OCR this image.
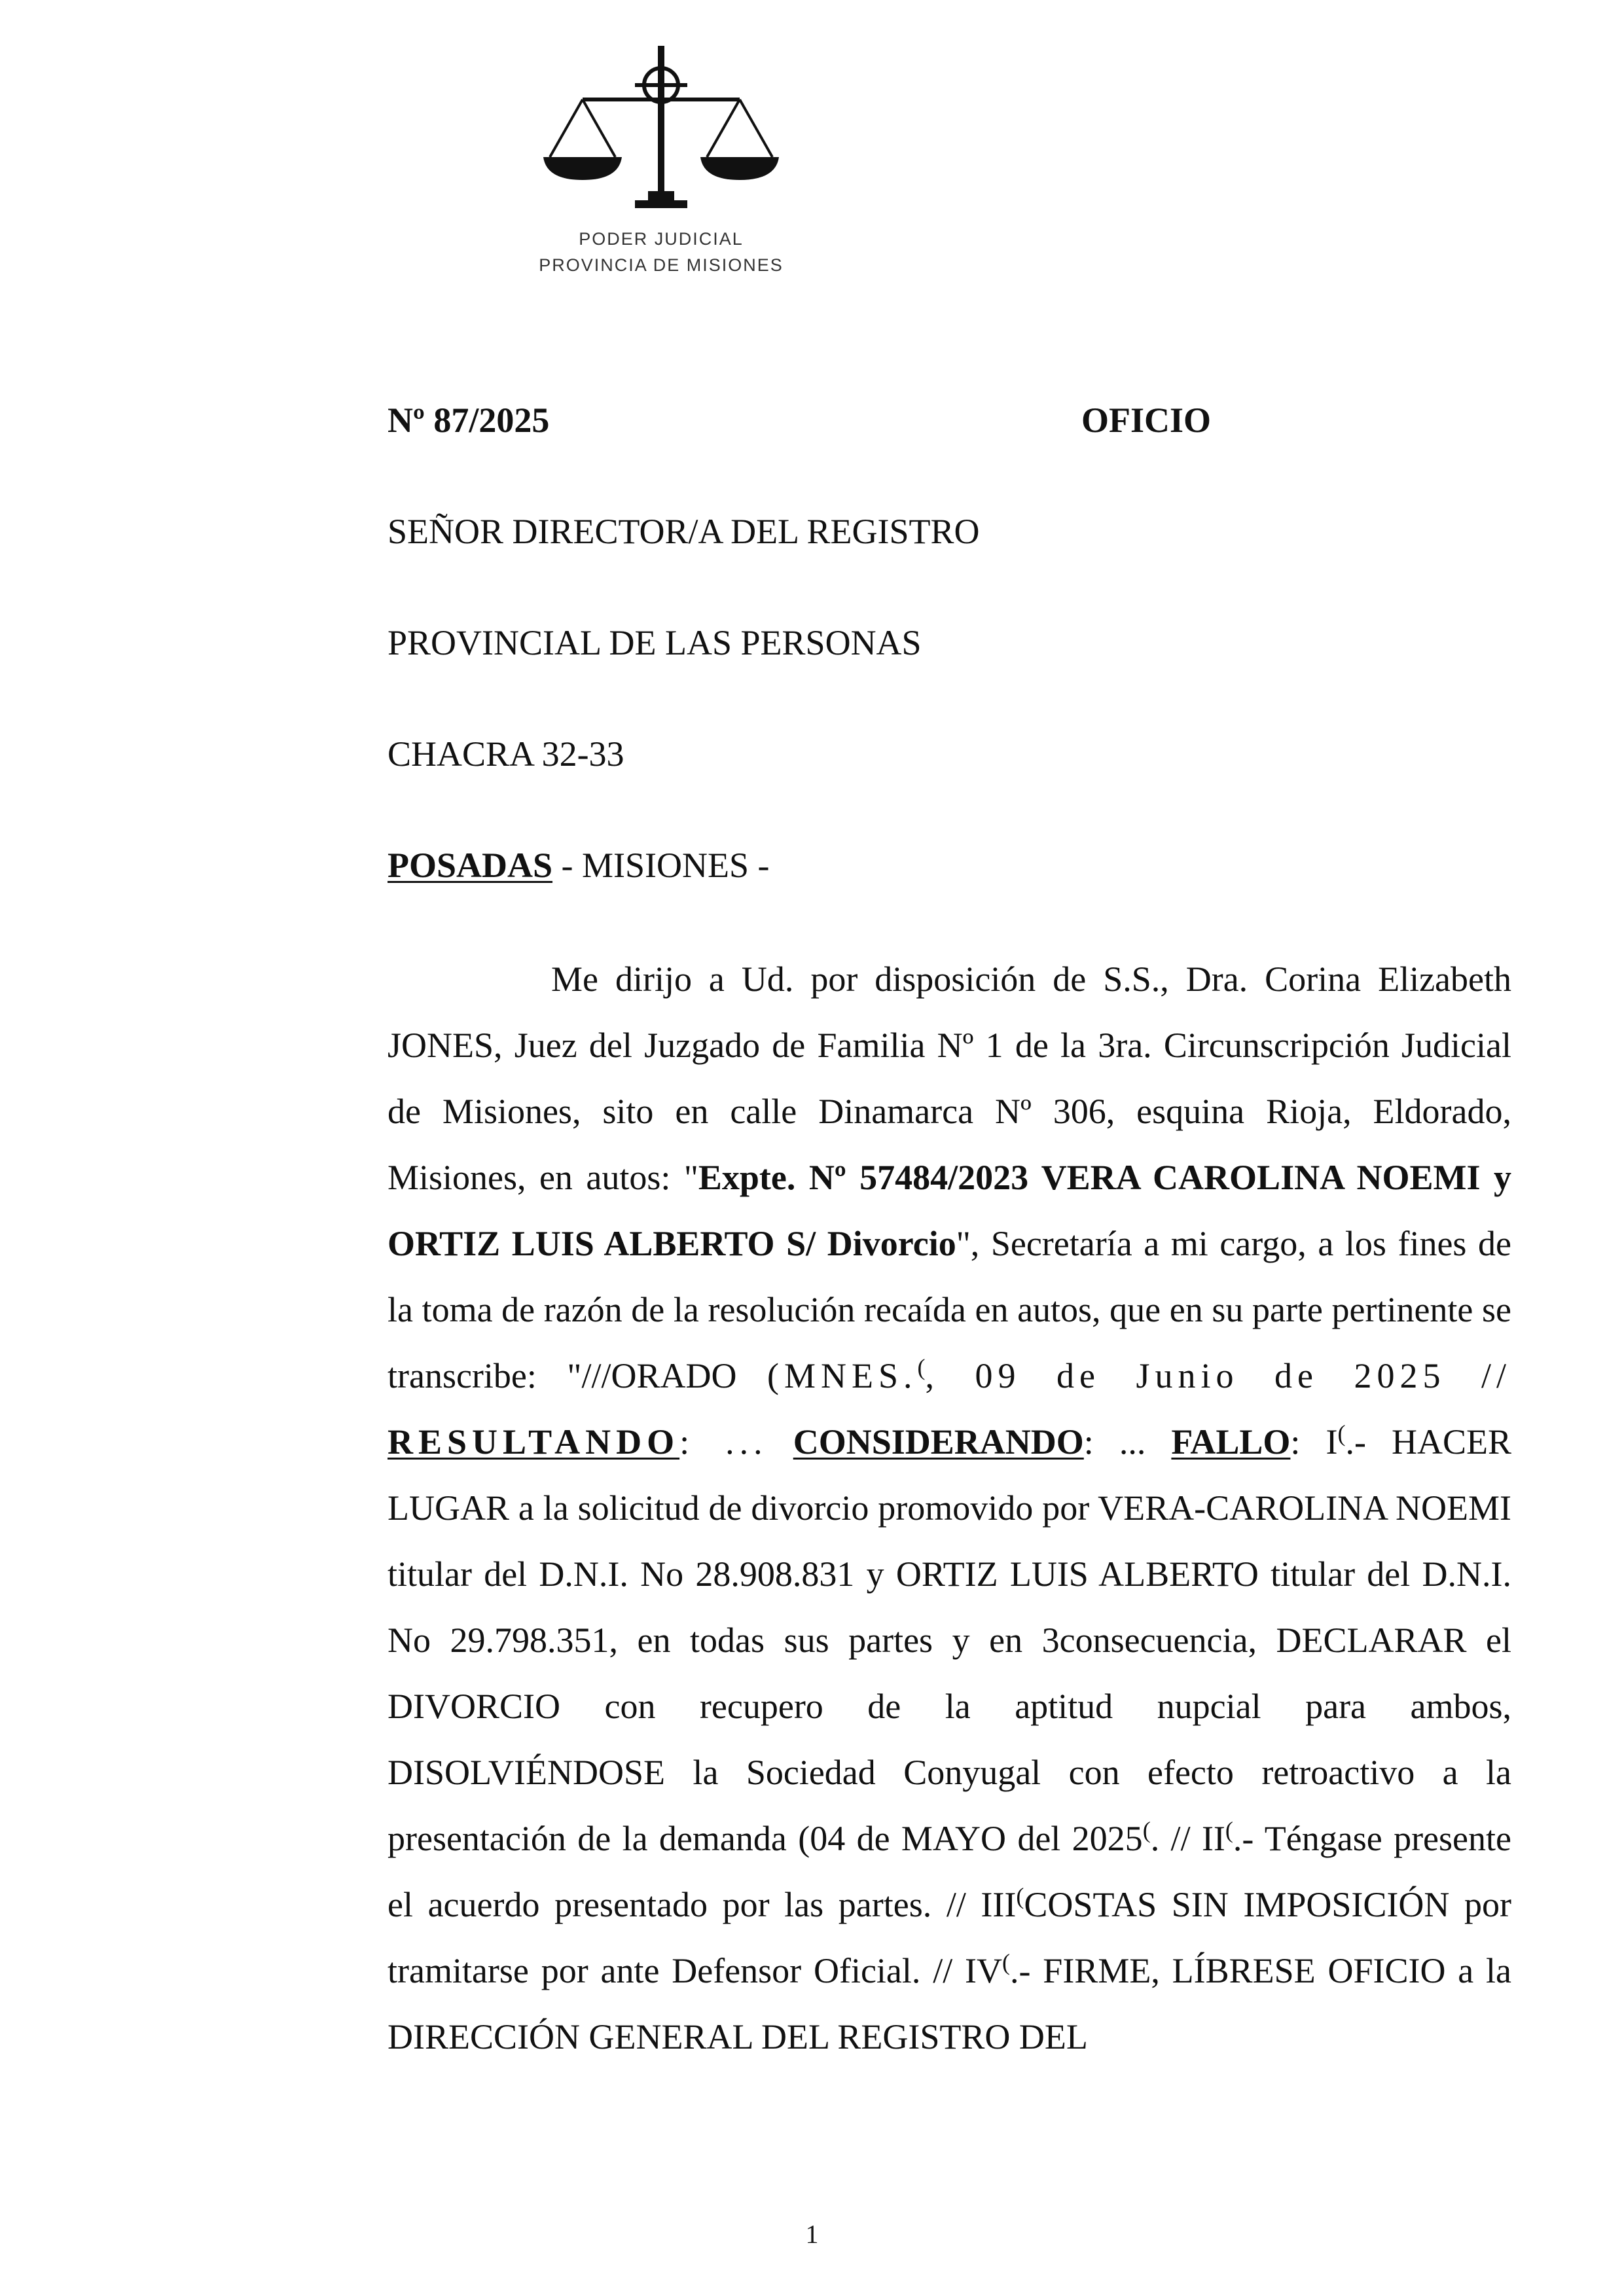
PODER JUDICIAL
PROVINCIA DE MISIONES
Nº 87/2025	OFICIO
SEÑOR DIRECTOR/A DEL REGISTRO
PROVINCIAL DE LAS PERSONAS
CHACRA 32-33
POSADAS - MISIONES -

Me dirijo a Ud. por disposición de S.S., Dra. Corina Elizabeth JONES, Juez del Juzgado de Familia Nº 1 de la 3ra. Circunscripción Judicial de Misiones, sito en calle Dinamarca Nº 306, esquina Rioja, Eldorado, Misiones, en autos: "Expte. Nº 57484/2023 VERA CAROLINA NOEMI y ORTIZ LUIS ALBERTO S/ Divorcio", Secretaría a mi cargo, a los fines de la toma de razón de la resolución recaída en autos, que en su parte pertinente se transcribe: "///ORADO (MNES.(, 09 de Junio de 2025 // RESULTANDO: ... CONSIDERANDO: ... FALLO: I(.- HACER LUGAR a la solicitud de divorcio promovido por VERA-CAROLINA NOEMI titular del D.N.I. No 28.908.831 y ORTIZ LUIS ALBERTO titular del D.N.I. No 29.798.351, en todas sus partes y en 3consecuencia, DECLARAR el DIVORCIO con recupero de la aptitud nupcial para ambos, DISOLVIÉNDOSE la Sociedad Conyugal con efecto retroactivo a la presentación de la demanda (04 de MAYO del 2025(. // II(.- Téngase presente el acuerdo presentado por las partes. // III(COSTAS SIN IMPOSICIÓN por tramitarse por ante Defensor Oficial. // IV(.- FIRME, LÍBRESE OFICIO a la DIRECCIÓN GENERAL DEL REGISTRO DEL

1
